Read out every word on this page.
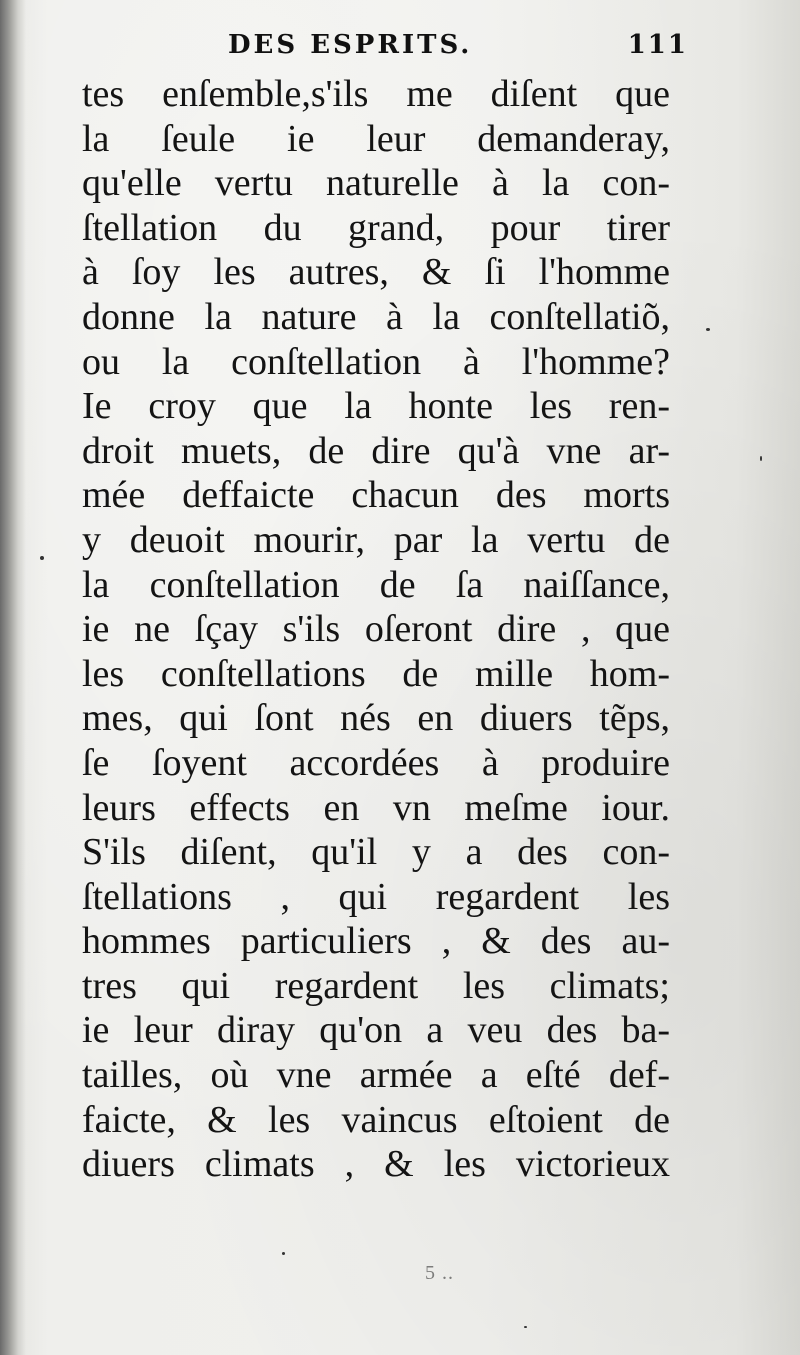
DES ESPRITS.	111
tes enſemble,s'ils me diſent que
la ſeule ie leur demanderay,
qu'elle vertu naturelle à la con-
ſtellation du grand, pour tirer
à ſoy les autres, & ſi l'homme
donne la nature à la conſtellatiõ,
ou la conſtellation à l'homme?
Ie croy que la honte les ren-
droit muets, de dire qu'à vne ar-
mée deffaicte chacun des morts
y deuoit mourir, par la vertu de
la conſtellation de ſa naiſſance,
ie ne ſçay s'ils oſeront dire , que
les conſtellations de mille hom-
mes, qui ſont nés en diuers tẽps,
ſe ſoyent accordées à produire
leurs effects en vn meſme iour.
S'ils diſent, qu'il y a des con-
ſtellations , qui regardent les
hommes particuliers , & des au-
tres qui regardent les climats;
ie leur diray qu'on a veu des ba-
tailles, où vne armée a eſté def-
faicte, & les vaincus eſtoient de
diuers climats , & les victorieux
5 ..
